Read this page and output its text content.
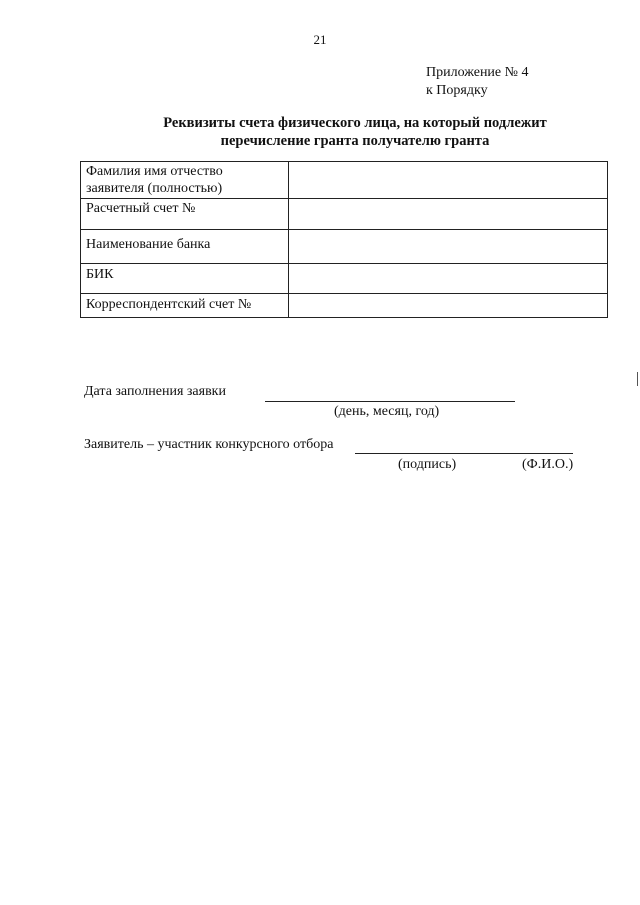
21
Приложение № 4
к Порядку
Реквизиты счета физического лица, на который подлежит
перечисление гранта получателю гранта
Фамилия имя отчество
заявителя (полностью)	

Расчетный счет №	
Наименование банка	
БИК	
Корреспондентский счет №	
Дата заполнения заявки
(день, месяц, год)
Заявитель – участник конкурсного отбора
(подпись)	(Ф.И.О.)
